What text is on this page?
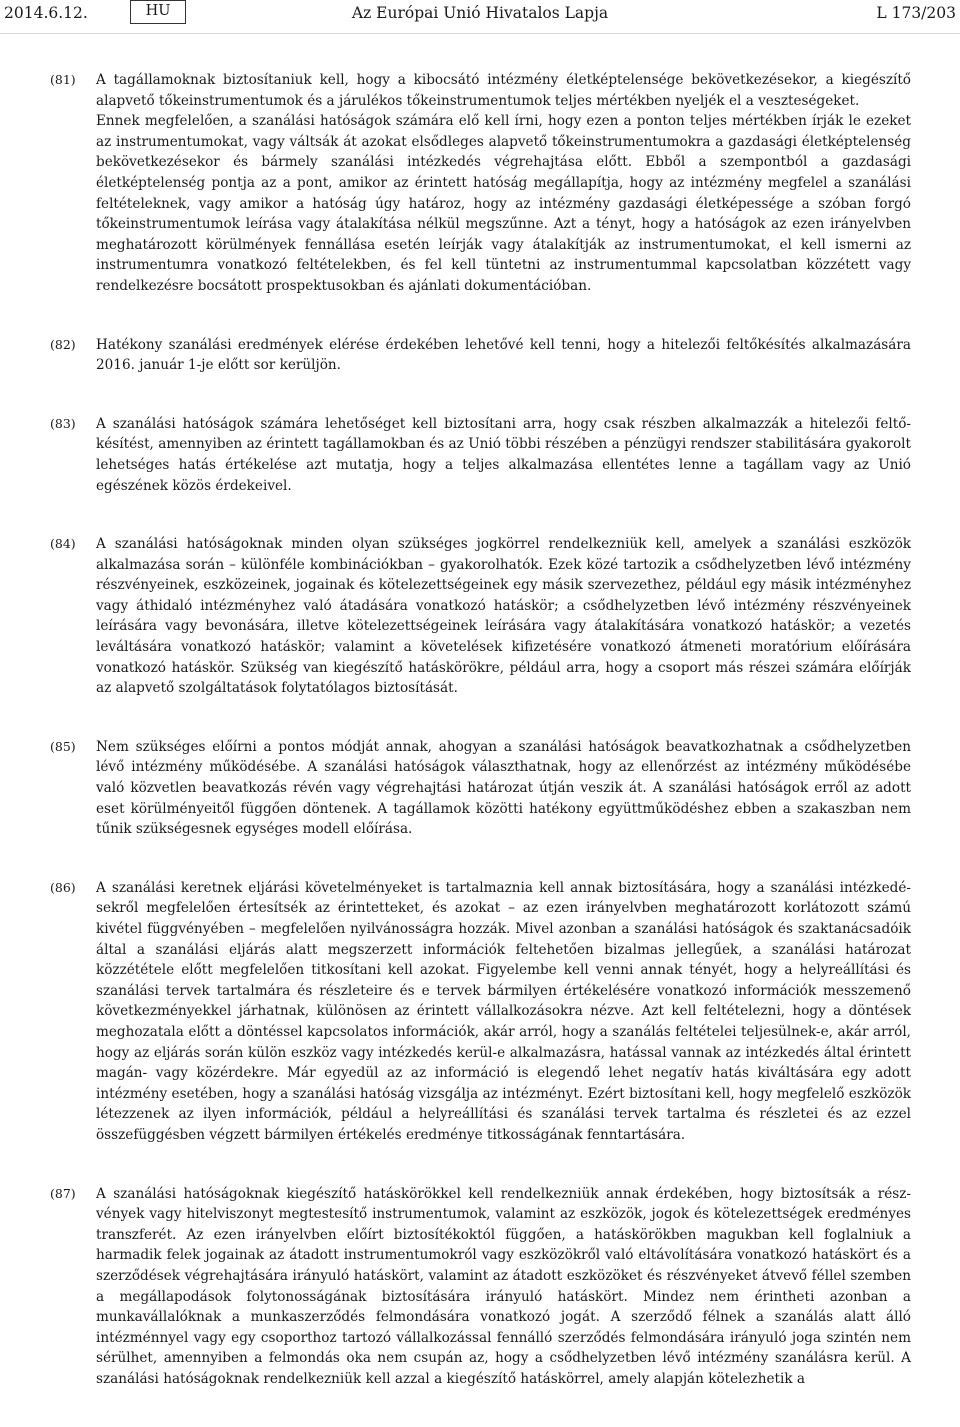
2014.6.12.	HU	Az Európai Unió Hivatalos Lapja	L 173/203
(81)	A tagállamoknak biztosítaniuk kell, hogy a kibocsátó intézmény életképtelensége bekövetkezésekor, a kiegészítő alapvető tőkeinstrumentumok és a járulékos tőkeinstrumentumok teljes mértékben nyeljék el a veszteségeket.

Ennek megfelelően, a szanálási hatóságok számára elő kell írni, hogy ezen a ponton teljes mértékben írják le ezeket az instrumentumokat, vagy váltsák át azokat elsődleges alapvető tőkeinstrumentumokra a gazdasági életképtelenség bekövetkezésekor és bármely szanálási intézkedés végrehajtása előtt. Ebből a szempontból a gazdasági életképtelenség pontja az a pont, amikor az érintett hatóság megállapítja, hogy az intézmény megfelel a szanálási feltételeknek, vagy amikor a hatóság úgy határoz, hogy az intézmény gazdasági életképessége a szóban forgó tőkeinstrumentumok leírása vagy átalakítása nélkül megszűnne. Azt a tényt, hogy a hatóságok az ezen irányelvben meghatározott körülmények fennállása esetén leírják vagy átalakítják az instrumentumokat, el kell ismerni az instrumentumra vonatkozó feltételekben, és fel kell tüntetni az instrumentummal kapcsolatban közzétett vagy rendelkezésre bocsátott prospektusokban és ajánlati dokumentációban.

(82)	Hatékony szanálási eredmények elérése érdekében lehetővé kell tenni, hogy a hitelezői feltőkésítés alkalmazására 2016. január 1-je előtt sor kerüljön.

(83)	A szanálási hatóságok számára lehetőséget kell biztosítani arra, hogy csak részben alkalmazzák a hitelezői feltőkésítést, amennyiben az érintett tagállamokban és az Unió többi részében a pénzügyi rendszer stabilitására gyakorolt lehetséges hatás értékelése azt mutatja, hogy a teljes alkalmazása ellentétes lenne a tagállam vagy az Unió egészének közös érdekeivel.

(84)	A szanálási hatóságoknak minden olyan szükséges jogkörrel rendelkezniük kell, amelyek a szanálási eszközök alkalmazása során – különféle kombinációkban – gyakorolhatók. Ezek közé tartozik a csődhelyzetben lévő intézmény részvényeinek, eszközeinek, jogainak és kötelezettségeinek egy másik szervezethez, például egy másik intézményhez vagy áthidaló intézményhez való átadására vonatkozó hatáskör; a csődhelyzetben lévő intézmény részvényeinek leírására vagy bevonására, illetve kötelezettségeinek leírására vagy átalakítására vonatkozó hatáskör; a vezetés leváltására vonatkozó hatáskör; valamint a követelések kifizetésére vonatkozó átmeneti moratórium előírására vonatkozó hatáskör. Szükség van kiegészítő hatáskörökre, például arra, hogy a csoport más részei számára előírják az alapvető szolgáltatások folytatólagos biztosítását.

(85)	Nem szükséges előírni a pontos módját annak, ahogyan a szanálási hatóságok beavatkozhatnak a csődhelyzetben lévő intézmény működésébe. A szanálási hatóságok választhatnak, hogy az ellenőrzést az intézmény működésébe való közvetlen beavatkozás révén vagy végrehajtási határozat útján veszik át. A szanálási hatóságok erről az adott eset körülményeitől függően döntenek. A tagállamok közötti hatékony együttműködéshez ebben a szakaszban nem tűnik szükségesnek egységes modell előírása.

(86)	A szanálási keretnek eljárási követelményeket is tartalmaznia kell annak biztosítására, hogy a szanálási intézkedésekről megfelelően értesítsék az érintetteket, és azokat – az ezen irányelvben meghatározott korlátozott számú kivétel függvényében – megfelelően nyilvánosságra hozzák. Mivel azonban a szanálási hatóságok és szaktanácsadóik által a szanálási eljárás alatt megszerzett információk feltehetően bizalmas jellegűek, a szanálási határozat közzététele előtt megfelelően titkosítani kell azokat. Figyelembe kell venni annak tényét, hogy a helyreállítási és szanálási tervek tartalmára és részleteire és e tervek bármilyen értékelésére vonatkozó információk messzemenő következményekkel járhatnak, különösen az érintett vállalkozásokra nézve. Azt kell feltételezni, hogy a döntések meghozatala előtt a döntéssel kapcsolatos információk, akár arról, hogy a szanálás feltételei teljesülnek-e, akár arról, hogy az eljárás során külön eszköz vagy intézkedés kerül-e alkalmazásra, hatással vannak az intézkedés által érintett magán- vagy közérdekre. Már egyedül az az információ is elegendő lehet negatív hatás kiváltására egy adott intézmény esetében, hogy a szanálási hatóság vizsgálja az intézményt. Ezért biztosítani kell, hogy megfelelő eszközök létezzenek az ilyen információk, például a helyreállítási és szanálási tervek tartalma és részletei és az ezzel összefüggésben végzett bármilyen értékelés eredménye titkosságának fenntartására.

(87)	A szanálási hatóságoknak kiegészítő hatáskörökkel kell rendelkezniük annak érdekében, hogy biztosítsák a részvények vagy hitelviszonyt megtestesítő instrumentumok, valamint az eszközök, jogok és kötelezettségek eredményes transzferét. Az ezen irányelvben előírt biztosítékoktól függően, a hatáskörökben magukban kell foglalniuk a harmadik felek jogainak az átadott instrumentumokról vagy eszközökről való eltávolítására vonatkozó hatáskört és a szerződések végrehajtására irányuló hatáskört, valamint az átadott eszközöket és részvényeket átvevő féllel szemben a megállapodások folytonosságának biztosítására irányuló hatáskört. Mindez nem érintheti azonban a munkavállalóknak a munkaszerződés felmondására vonatkozó jogát. A szerződő félnek a szanálás alatt álló intézménnyel vagy egy csoporthoz tartozó vállalkozással fennálló szerződés felmondására irányuló joga szintén nem sérülhet, amennyiben a felmondás oka nem csupán az, hogy a csődhelyzetben lévő intézmény szanálásra kerül. A szanálási hatóságoknak rendelkezniük kell azzal a kiegészítő hatáskörrel, amely alapján kötelezhetik a
